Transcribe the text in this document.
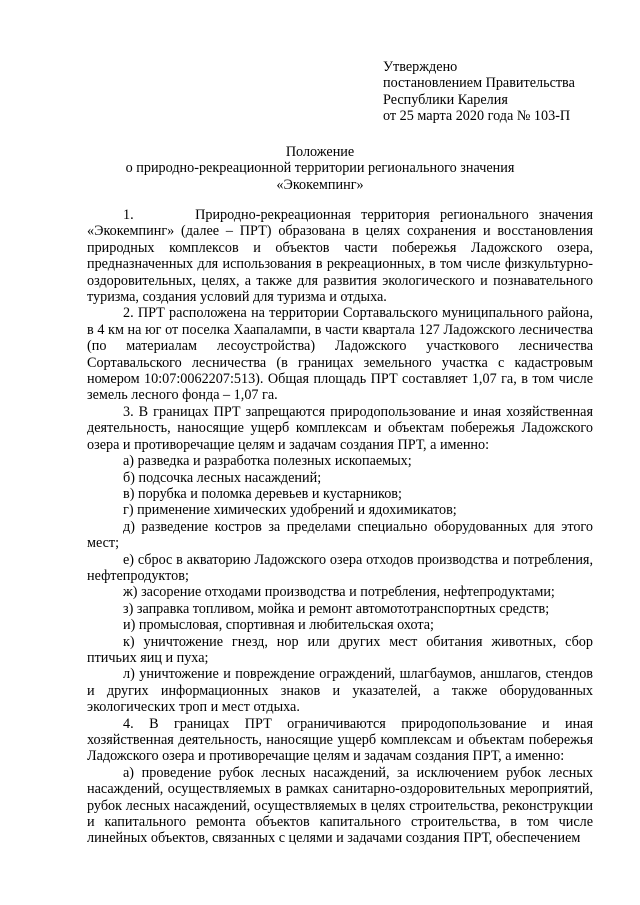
Утверждено
постановлением Правительства
Республики Карелия
от 25 марта 2020 года № 103-П
Положение
о природно-рекреационной территории регионального значения
«Экокемпинг»

1.      Природно-рекреационная территория регионального значения «Экокемпинг» (далее – ПРТ) образована в целях сохранения и восстановления природных комплексов и объектов части побережья Ладожского озера, предназначенных для использования в рекреационных, в том числе физкультурно-оздоровительных, целях, а также для развития экологического и познавательного туризма, создания условий для туризма и отдыха.

2. ПРТ расположена на территории Сортавальского муниципального района, в 4 км на юг от поселка Хаапалампи, в части квартала 127 Ладожского лесничества (по материалам лесоустройства) Ладожского участкового лесничества Сортавальского лесничества (в границах земельного участка с кадастровым номером 10:07:0062207:513). Общая площадь ПРТ составляет 1,07 га, в том числе земель лесного фонда – 1,07 га.

3. В границах ПРТ запрещаются природопользование и иная хозяйственная деятельность, наносящие ущерб комплексам и объектам побережья Ладожского озера и противоречащие целям и задачам создания ПРТ, а именно:

а) разведка и разработка полезных ископаемых;

б) подсочка лесных насаждений;

в) порубка и поломка деревьев и кустарников;

г) применение химических удобрений и ядохимикатов;

д) разведение костров за пределами специально оборудованных для этого мест;

е) сброс в акваторию Ладожского озера отходов производства и потребления, нефтепродуктов;

ж) засорение отходами производства и потребления, нефтепродуктами;

з) заправка топливом, мойка и ремонт автомототранспортных средств;

и) промысловая, спортивная и любительская охота;

к) уничтожение гнезд, нор или других мест обитания животных, сбор птичьих яиц и пуха;

л) уничтожение и повреждение ограждений, шлагбаумов, аншлагов, стендов и других информационных знаков и указателей, а также оборудованных экологических троп и мест отдыха.

4. В границах ПРТ ограничиваются природопользование и иная хозяйственная деятельность, наносящие ущерб комплексам и объектам побережья Ладожского озера и противоречащие целям и задачам создания ПРТ, а именно:

а) проведение рубок лесных насаждений, за исключением рубок лесных насаждений, осуществляемых в рамках санитарно-оздоровительных мероприятий, рубок лесных насаждений, осуществляемых в целях строительства, реконструкции и капитального ремонта объектов капитального строительства, в том числе линейных объектов, связанных с целями и задачами создания ПРТ, обеспечением
